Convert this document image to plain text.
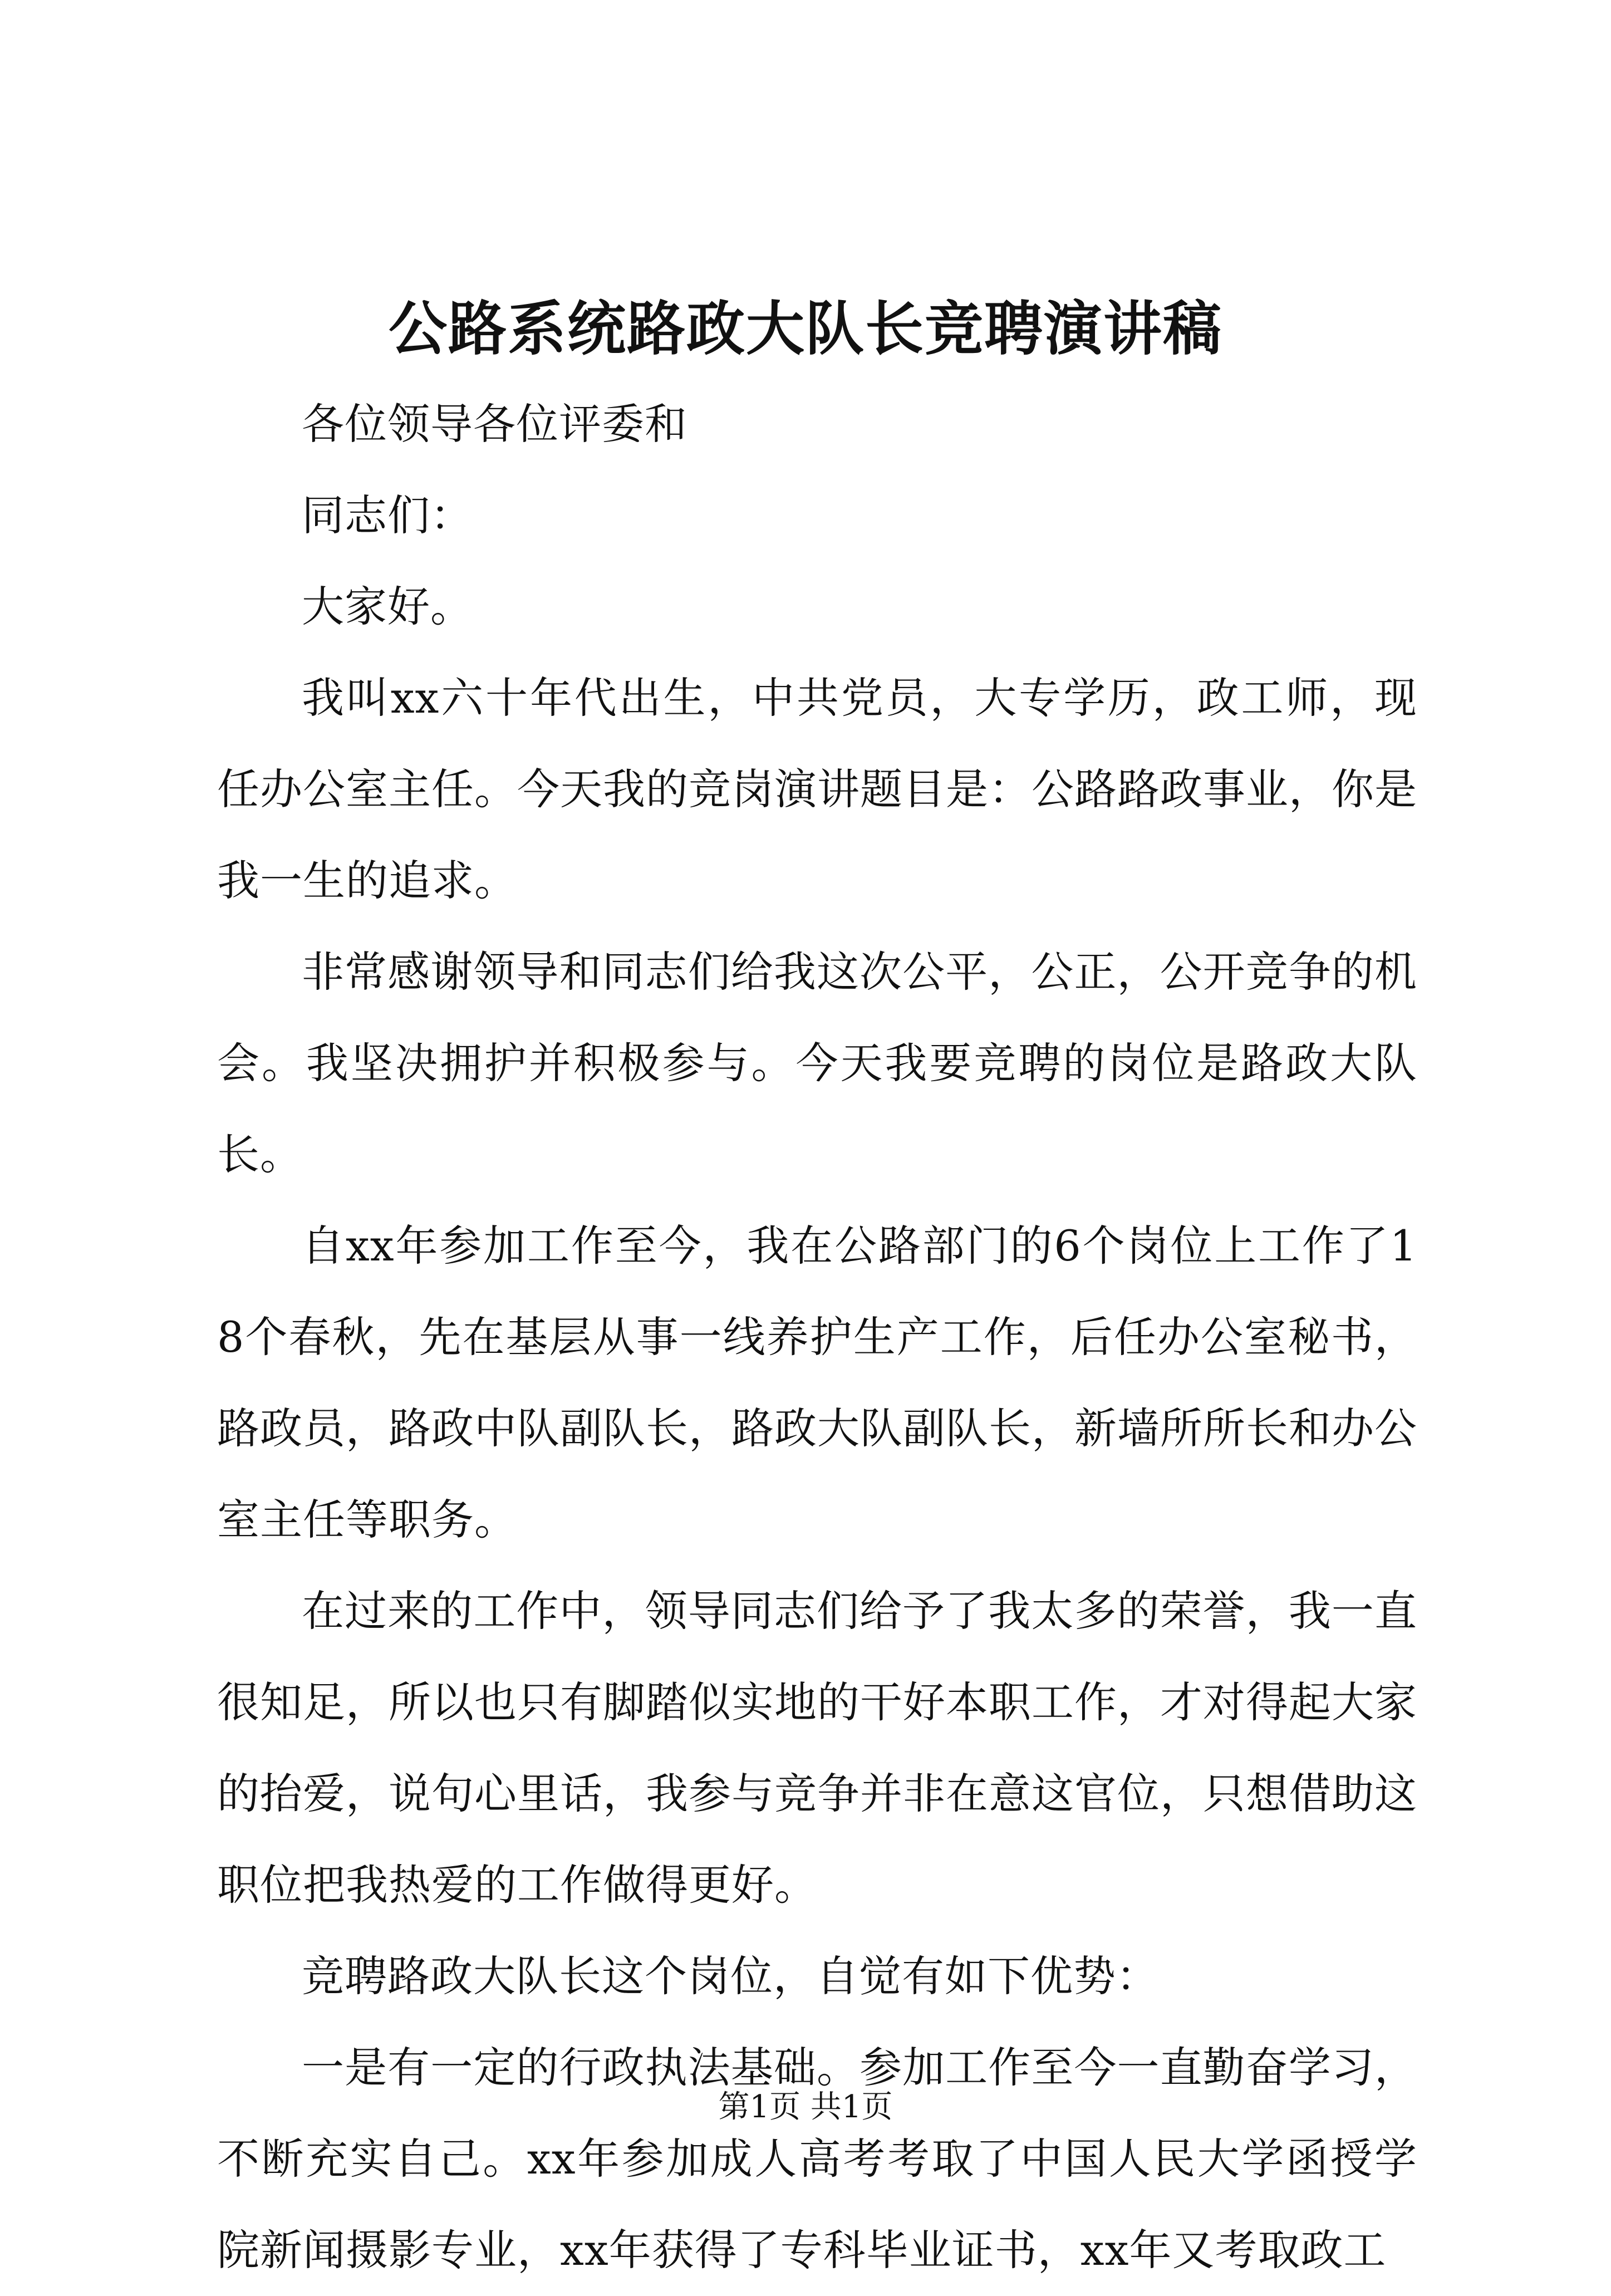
公路系统路政大队长竞聘演讲稿

各位领导各位评委和

同志们：

大家好。

我叫xx六十年代出生，中共党员，大专学历，政工师，现任办公室主任。今天我的竞岗演讲题目是：公路路政事业，你是我一生的追求。

非常感谢领导和同志们给我这次公平，公正，公开竞争的机会。我坚决拥护并积极参与。今天我要竞聘的岗位是路政大队长。

自xx年参加工作至今，我在公路部门的6个岗位上工作了18个春秋，先在基层从事一线养护生产工作，后任办公室秘书，路政员，路政中队副队长，路政大队副队长，新墙所所长和办公室主任等职务。

在过来的工作中，领导同志们给予了我太多的荣誉，我一直很知足，所以也只有脚踏似实地的干好本职工作，才对得起大家的抬爱，说句心里话，我参与竞争并非在意这官位，只想借助这职位把我热爱的工作做得更好。

竞聘路政大队长这个岗位，自觉有如下优势：

一是有一定的行政执法基础。参加工作至今一直勤奋学习，不断充实自己。xx年参加成人高考考取了中国人民大学函授学院新闻摄影专业，xx年获得了专科毕业证书，xx年又考取政工

第1页 共1页
